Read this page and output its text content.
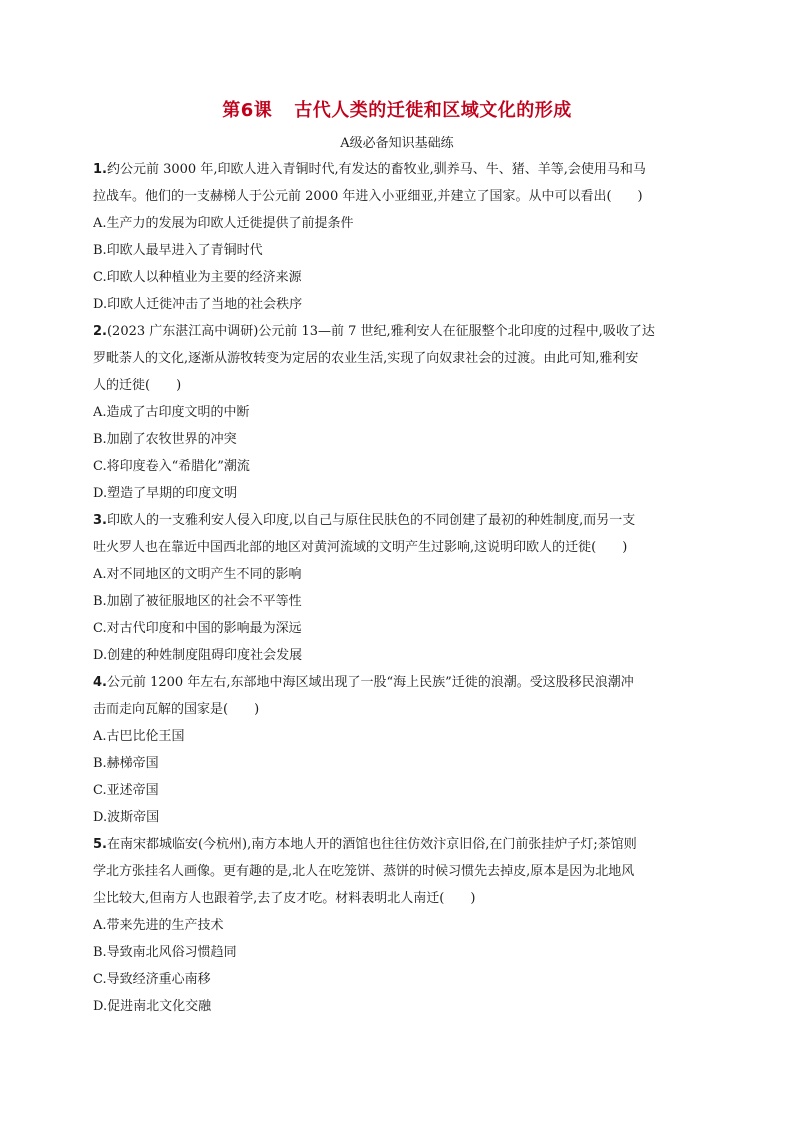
第6课 古代人类的迁徙和区域文化的形成
A级必备知识基础练
1.约公元前 3000 年,印欧人进入青铜时代,有发达的畜牧业,驯养马、牛、猪、羊等,会使用马和马
拉战车。他们的一支赫梯人于公元前 2000 年进入小亚细亚,并建立了国家。从中可以看出(　　)
A.生产力的发展为印欧人迁徙提供了前提条件
B.印欧人最早进入了青铜时代
C.印欧人以种植业为主要的经济来源
D.印欧人迁徙冲击了当地的社会秩序
2.(2023 广东湛江高中调研)公元前 13—前 7 世纪,雅利安人在征服整个北印度的过程中,吸收了达
罗毗荼人的文化,逐渐从游牧转变为定居的农业生活,实现了向奴隶社会的过渡。由此可知,雅利安
人的迁徙(　　)
A.造成了古印度文明的中断
B.加剧了农牧世界的冲突
C.将印度卷入“希腊化”潮流
D.塑造了早期的印度文明
3.印欧人的一支雅利安人侵入印度,以自己与原住民肤色的不同创建了最初的种姓制度,而另一支
吐火罗人也在靠近中国西北部的地区对黄河流域的文明产生过影响,这说明印欧人的迁徙(　　)
A.对不同地区的文明产生不同的影响
B.加剧了被征服地区的社会不平等性
C.对古代印度和中国的影响最为深远
D.创建的种姓制度阻碍印度社会发展
4.公元前 1200 年左右,东部地中海区域出现了一股“海上民族”迁徙的浪潮。受这股移民浪潮冲
击而走向瓦解的国家是(　　)
A.古巴比伦王国
B.赫梯帝国
C.亚述帝国
D.波斯帝国
5.在南宋都城临安(今杭州),南方本地人开的酒馆也往往仿效汴京旧俗,在门前张挂炉子灯;茶馆则
学北方张挂名人画像。更有趣的是,北人在吃笼饼、蒸饼的时候习惯先去掉皮,原本是因为北地风
尘比较大,但南方人也跟着学,去了皮才吃。材料表明北人南迁(　　)
A.带来先进的生产技术
B.导致南北风俗习惯趋同
C.导致经济重心南移
D.促进南北文化交融
